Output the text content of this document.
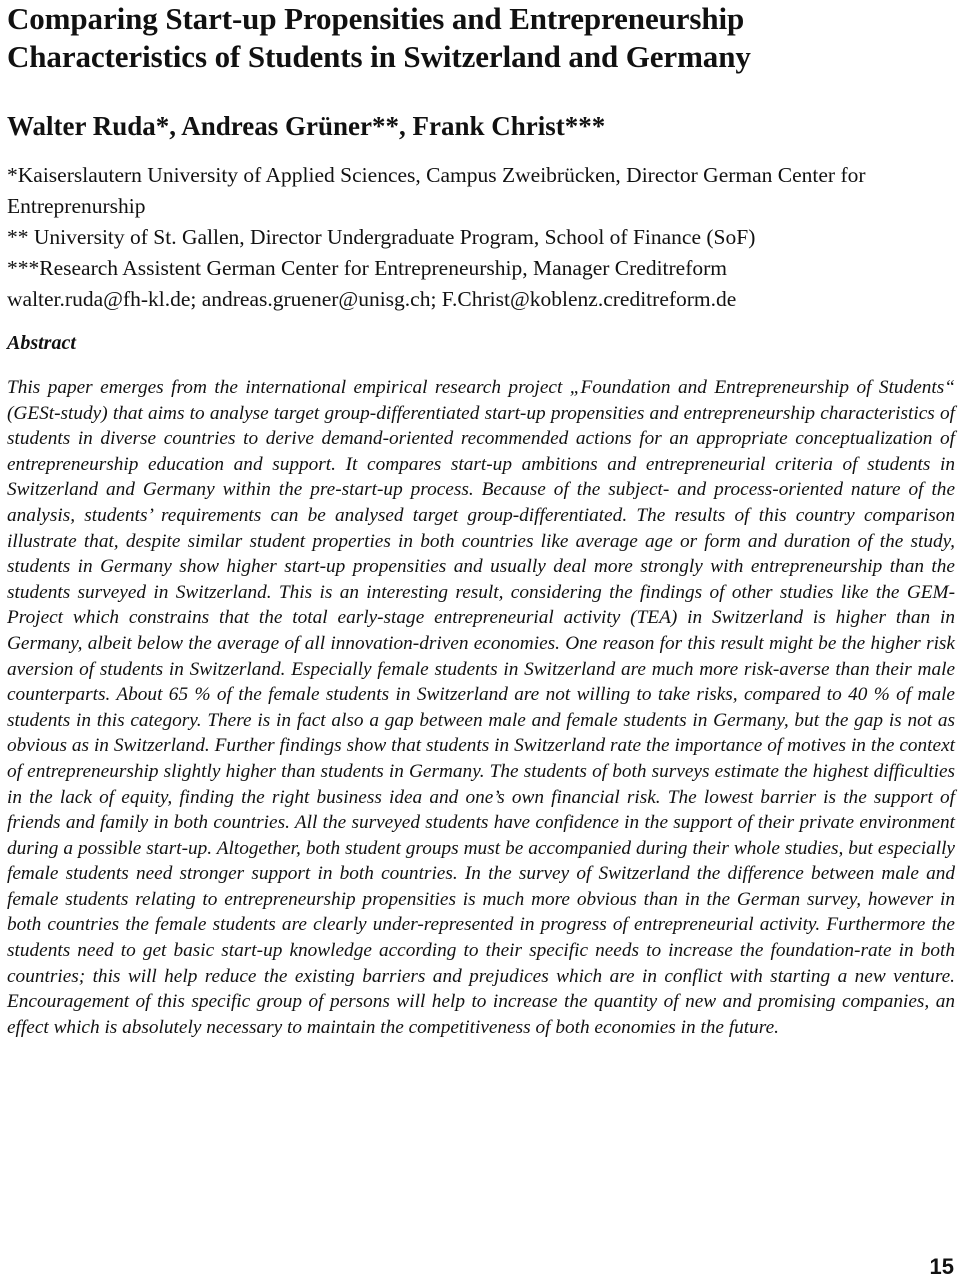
Comparing Start-up Propensities and Entrepreneurship
Characteristics of Students in Switzerland and Germany
Walter Ruda*, Andreas Grüner**, Frank Christ***
*Kaiserslautern University of Applied Sciences, Campus Zweibrücken, Director German Center for Entreprenurship
** University of St. Gallen, Director Undergraduate Program, School of Finance (SoF)
***Research Assistent German Center for Entrepreneurship, Manager Creditreform
walter.ruda@fh-kl.de; andreas.gruener@unisg.ch; F.Christ@koblenz.creditreform.de
Abstract

This paper emerges from the international empirical research project „Foundation and Entrepreneurship of Students“ (GESt-study) that aims to analyse target group-differentiated start-up propensities and entrepreneurship characteristics of students in diverse countries to derive demand-oriented recommended actions for an appropriate conceptualization of entrepreneurship education and support. It compares start-up ambitions and entrepreneurial criteria of students in Switzerland and Germany within the pre-start-up process. Because of the subject- and process-oriented nature of the analysis, students’ requirements can be analysed target group-differentiated. The results of this country comparison illustrate that, despite similar student properties in both countries like average age or form and duration of the study, students in Germany show higher start-up propensities and usually deal more strongly with entrepreneurship than the students surveyed in Switzerland. This is an interesting result, considering the findings of other studies like the GEM-Project which constrains that the total early-stage entrepreneurial activity (TEA) in Switzerland is higher than in Germany, albeit below the average of all innovation-driven economies. One reason for this result might be the higher risk aversion of students in Switzerland. Especially female students in Switzerland are much more risk-averse than their male counterparts. About 65 % of the female students in Switzerland are not willing to take risks, compared to 40 % of male students in this category. There is in fact also a gap between male and female students in Germany, but the gap is not as obvious as in Switzerland. Further findings show that students in Switzerland rate the importance of motives in the context of entrepreneurship slightly higher than students in Germany. The students of both surveys estimate the highest difficulties in the lack of equity, finding the right business idea and one’s own financial risk. The lowest barrier is the support of friends and family in both countries. All the surveyed students have confidence in the support of their private environment during a possible start-up. Altogether, both student groups must be accompanied during their whole studies, but especially female students need stronger support in both countries. In the survey of Switzerland the difference between male and female students relating to entrepreneurship propensities is much more obvious than in the German survey, however in both countries the female students are clearly under-represented in progress of entrepreneurial activity. Furthermore the students need to get basic start-up knowledge according to their specific needs to increase the foundation-rate in both countries; this will help reduce the existing barriers and prejudices which are in conflict with starting a new venture. Encouragement of this specific group of persons will help to increase the quantity of new and promising companies, an effect which is absolutely necessary to maintain the competitiveness of both economies in the future.

15
